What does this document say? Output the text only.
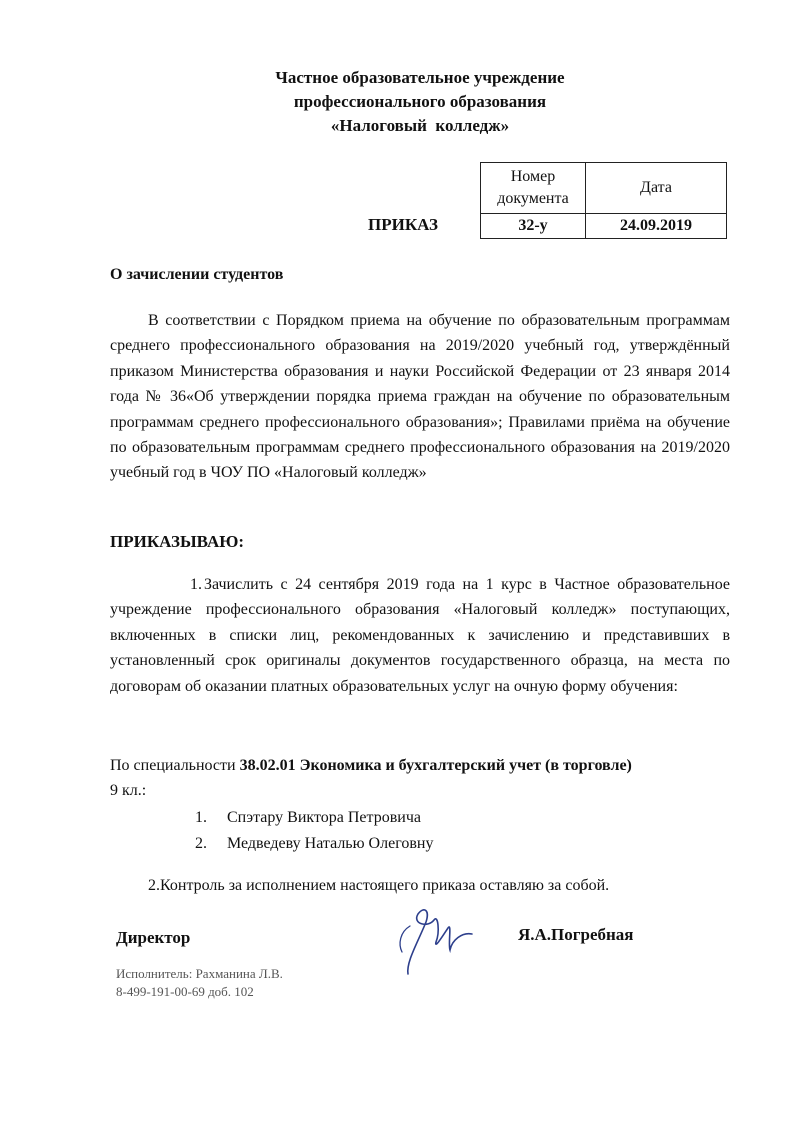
Частное образовательное учреждение
профессионального образования
«Налоговый  колледж»
Номер документа	Дата
32-у	24.09.2019
ПРИКАЗ
О зачислении студентов
В соответствии с Порядком приема на обучение по образовательным программам среднего профессионального образования на 2019/2020 учебный год, утверждённый приказом Министерства образования и науки Российской Федерации от 23 января 2014 года № 36«Об утверждении порядка приема граждан на обучение по образовательным программам среднего профессионального образования»; Правилами приёма на обучение по образовательным программам среднего профессионального образования на 2019/2020  учебный год в ЧОУ ПО «Налоговый колледж»
ПРИКАЗЫВАЮ:
1. Зачислить с 24 сентября 2019 года на 1 курс в Частное образовательное учреждение профессионального образования «Налоговый колледж» поступающих, включенных в списки лиц, рекомендованных к зачислению и представивших в установленный срок оригиналы документов государственного образца, на места по договорам об оказании платных образовательных услуг на очную форму обучения:
По специальности 38.02.01 Экономика и бухгалтерский учет (в торговле)
9 кл.:
1. Спэтару Виктора Петровича
2. Медведеву Наталью Олеговну
2.Контроль за исполнением настоящего приказа оставляю за собой.
Директор	Я.А.Погребная
Исполнитель: Рахманина Л.В.
8-499-191-00-69 доб. 102
